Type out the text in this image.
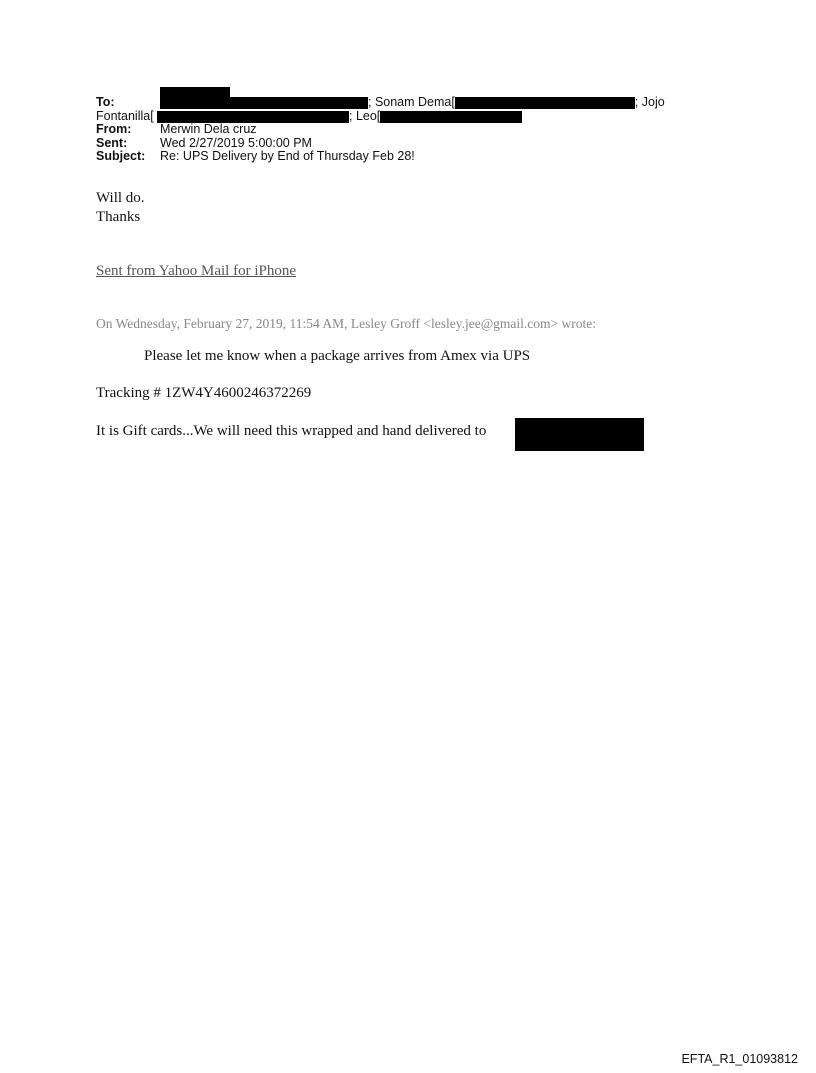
To:	; Sonam Dema[	; Jojo
Fontanilla[	; Leo[
From: Merwin Dela cruz
Sent:	Wed 2/27/2019 5:00:00 PM
Subject: Re: UPS Delivery by End of Thursday Feb 28!
Will do.
Thanks
Sent from Yahoo Mail for iPhone
On Wednesday, February 27, 2019, 11:54 AM, Lesley Groff <lesley.jee@gmail.com> wrote:
Please let me know when a package arrives from Amex via UPS
Tracking # 1ZW4Y4600246372269
It is Gift cards...We will need this wrapped and hand delivered to
EFTA_R1_01093812
